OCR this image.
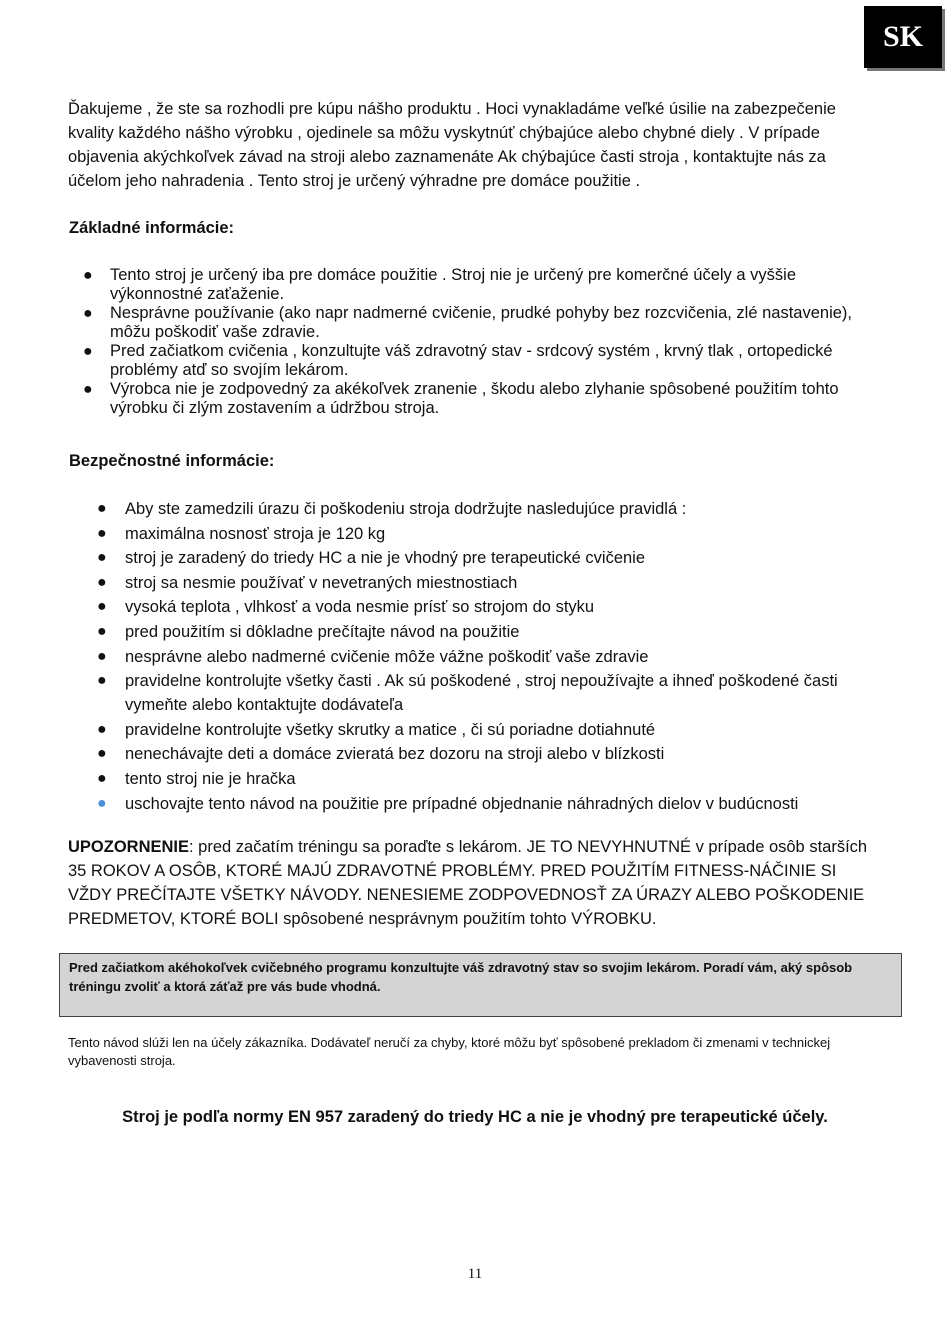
SK

Ďakujeme , že ste sa rozhodli pre kúpu nášho produktu . Hoci vynakladáme veľké úsilie na zabezpečenie kvality každého nášho výrobku , ojedinele sa môžu vyskytnúť chýbajúce alebo chybné diely . V prípade objavenia akýchkoľvek závad na stroji alebo zaznamenáte Ak chýbajúce časti stroja , kontaktujte nás za účelom jeho nahradenia . Tento stroj je určený výhradne pre domáce použitie .

Základné informácie:
● Tento stroj je určený iba pre domáce použitie . Stroj nie je určený pre komerčné účely a vyššie výkonnostné zaťaženie.
● Nesprávne používanie (ako napr nadmerné cvičenie, prudké pohyby bez rozcvičenia, zlé nastavenie), môžu poškodiť vaše zdravie.
● Pred začiatkom cvičenia , konzultujte váš zdravotný stav - srdcový systém , krvný tlak , ortopedické problémy atď so svojím lekárom.
● Výrobca nie je zodpovedný za akékoľvek zranenie , škodu alebo zlyhanie spôsobené použitím tohto výrobku či zlým zostavením a údržbou stroja.
Bezpečnostné informácie:
● Aby ste zamedzili úrazu či poškodeniu stroja dodržujte nasledujúce pravidlá :
● maximálna nosnosť stroja je 120 kg
● stroj je zaradený do triedy HC a nie je vhodný pre terapeutické cvičenie
● stroj sa nesmie používať v nevetraných miestnostiach
● vysoká teplota , vlhkosť a voda nesmie prísť so strojom do styku
● pred použitím si dôkladne prečítajte návod na použitie
● nesprávne alebo nadmerné cvičenie môže vážne poškodiť vaše zdravie
● pravidelne kontrolujte všetky časti . Ak sú poškodené , stroj nepoužívajte a ihneď poškodené časti vymeňte alebo kontaktujte dodávateľa
● pravidelne kontrolujte všetky skrutky a matice , či sú poriadne dotiahnuté
● nenechávajte deti a domáce zvieratá bez dozoru na stroji alebo v blízkosti
● tento stroj nie je hračka
● uschovajte tento návod na použitie pre prípadné objednanie náhradných dielov v budúcnosti

UPOZORNENIE: pred začatím tréningu sa poraďte s lekárom. JE TO NEVYHNUTNÉ v prípade osôb starších 35 ROKOV A OSÔB, KTORÉ MAJÚ ZDRAVOTNÉ PROBLÉMY. PRED POUŽITÍM FITNESS-NÁČINIE SI VŽDY PREČÍTAJTE VŠETKY NÁVODY. NENESIEME ZODPOVEDNOSŤ ZA ÚRAZY ALEBO POŠKODENIE PREDMETOV, KTORÉ BOLI spôsobené nesprávnym použitím tohto VÝROBKU.

Pred začiatkom akéhokoľvek cvičebného programu konzultujte váš zdravotný stav so svojim lekárom. Poradí vám, aký spôsob tréningu zvoliť a ktorá záťaž pre vás bude vhodná.

Tento návod slúži len na účely zákazníka. Dodávateľ neručí za chyby, ktoré môžu byť spôsobené prekladom či zmenami v technickej vybavenosti stroja.

Stroj je podľa normy EN 957 zaradený do triedy HC a nie je vhodný pre terapeutické účely.

11
